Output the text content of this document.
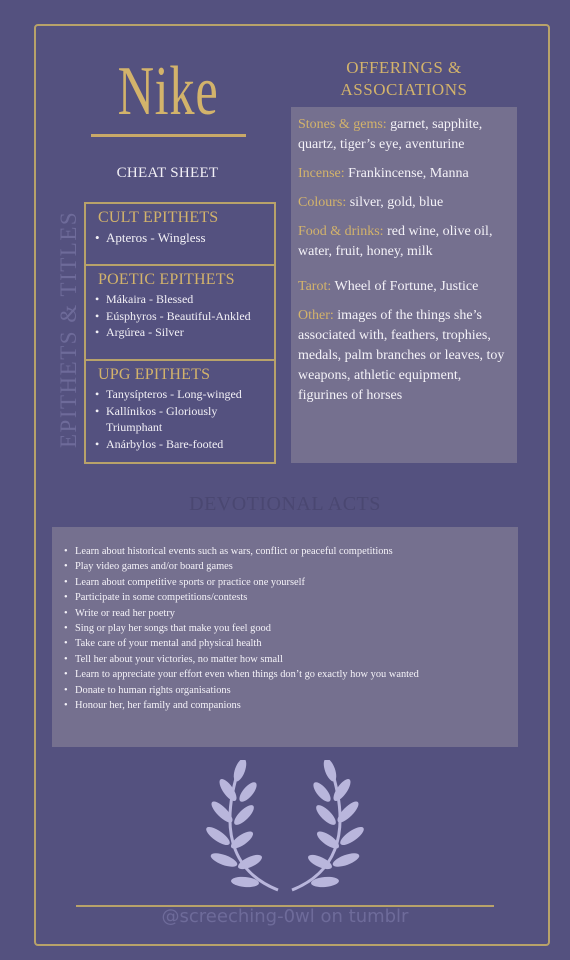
Nike
CHEAT SHEET
EPITHETS & TITLES	CULT EPITHETS
• Apteros - Wingless
POETIC EPITHETS
• Mákaira - Blessed
• Eúsphyros - Beautiful-Ankled
• Argúrea - Silver
UPG EPITHETS
• Tanysípteros - Long-winged
• Kallínikos - Gloriously
Triumphant
• Anárbylos - Bare-footed
OFFERINGS &
ASSOCIATIONS
Stones & gems: garnet, sapphite, quartz, tiger’s eye, aventurine
Incense: Frankincense, Manna
Colours: silver, gold, blue
Food & drinks: red wine, olive oil, water, fruit, honey, milk
Tarot: Wheel of Fortune, Justice
Other: images of the things she’s associated with, feathers, trophies, medals, palm branches or leaves, toy weapons, athletic equipment, figurines of horses
DEVOTIONAL ACTS
• Learn about historical events such as wars, conflict or peaceful competitions
• Play video games and/or board games
• Learn about competitive sports or practice one yourself
• Participate in some competitions/contests
• Write or read her poetry
• Sing or play her songs that make you feel good
• Take care of your mental and physical health
• Tell her about your victories, no matter how small
• Learn to appreciate your effort even when things don’t go exactly how you wanted
• Donate to human rights organisations
• Honour her, her family and companions
@screeching-0wl on tumblr
